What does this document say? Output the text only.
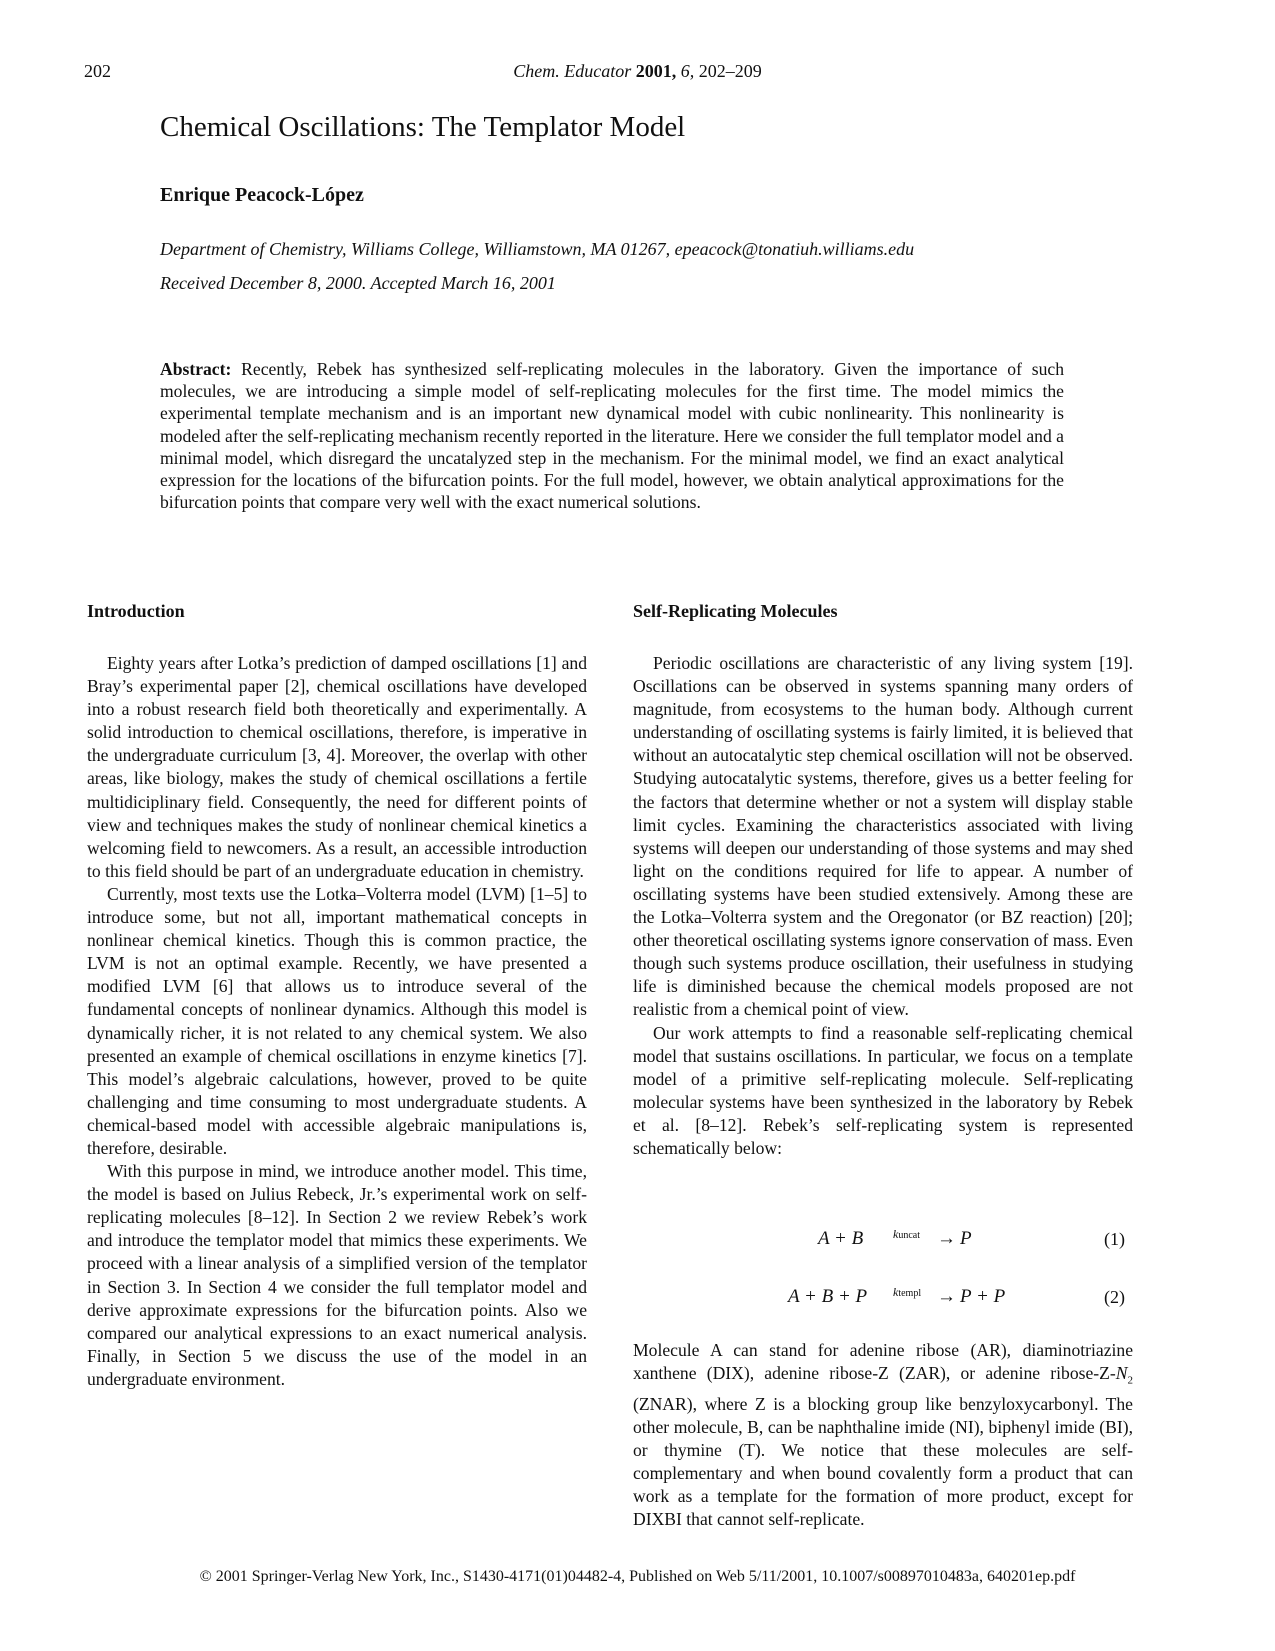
202	Chem. Educator 2001, 6, 202–209
Chemical Oscillations: The Templator Model
Enrique Peacock-López
Department of Chemistry, Williams College, Williamstown, MA 01267, epeacock@tonatiuh.williams.edu
Received December 8, 2000. Accepted March 16, 2001
Abstract: Recently, Rebek has synthesized self-replicating molecules in the laboratory. Given the importance of such molecules, we are introducing a simple model of self-replicating molecules for the first time. The model mimics the experimental template mechanism and is an important new dynamical model with cubic nonlinearity. This nonlinearity is modeled after the self-replicating mechanism recently reported in the literature. Here we consider the full templator model and a minimal model, which disregard the uncatalyzed step in the mechanism. For the minimal model, we find an exact analytical expression for the locations of the bifurcation points. For the full model, however, we obtain analytical approximations for the bifurcation points that compare very well with the exact numerical solutions.
Introduction

Eighty years after Lotka’s prediction of damped oscillations [1] and Bray’s experimental paper [2], chemical oscillations have developed into a robust research field both theoretically and experimentally. A solid introduction to chemical oscillations, therefore, is imperative in the undergraduate curriculum [3, 4]. Moreover, the overlap with other areas, like biology, makes the study of chemical oscillations a fertile multidiciplinary field. Consequently, the need for different points of view and techniques makes the study of nonlinear chemical kinetics a welcoming field to newcomers. As a result, an accessible introduction to this field should be part of an undergraduate education in chemistry.

Currently, most texts use the Lotka–Volterra model (LVM) [1–5] to introduce some, but not all, important mathematical concepts in nonlinear chemical kinetics. Though this is common practice, the LVM is not an optimal example. Recently, we have presented a modified LVM [6] that allows us to introduce several of the fundamental concepts of nonlinear dynamics. Although this model is dynamically richer, it is not related to any chemical system. We also presented an example of chemical oscillations in enzyme kinetics [7]. This model’s algebraic calculations, however, proved to be quite challenging and time consuming to most undergraduate students. A chemical-based model with accessible algebraic manipulations is, therefore, desirable.

With this purpose in mind, we introduce another model. This time, the model is based on Julius Rebeck, Jr.’s experimental work on self-replicating molecules [8–12]. In Section 2 we review Rebek’s work and introduce the templator model that mimics these experiments. We proceed with a linear analysis of a simplified version of the templator in Section 3. In Section 4 we consider the full templator model and derive approximate expressions for the bifurcation points. Also we compared our analytical expressions to an exact numerical analysis. Finally, in Section 5 we discuss the use of the model in an undergraduate environment.

Self-Replicating Molecules

Periodic oscillations are characteristic of any living system [19]. Oscillations can be observed in systems spanning many orders of magnitude, from ecosystems to the human body. Although current understanding of oscillating systems is fairly limited, it is believed that without an autocatalytic step chemical oscillation will not be observed. Studying autocatalytic systems, therefore, gives us a better feeling for the factors that determine whether or not a system will display stable limit cycles. Examining the characteristics associated with living systems will deepen our understanding of those systems and may shed light on the conditions required for life to appear. A number of oscillating systems have been studied extensively. Among these are the Lotka–Volterra system and the Oregonator (or BZ reaction) [20]; other theoretical oscillating systems ignore conservation of mass. Even though such systems produce oscillation, their usefulness in studying life is diminished because the chemical models proposed are not realistic from a chemical point of view.

Our work attempts to find a reasonable self-replicating chemical model that sustains oscillations. In particular, we focus on a template model of a primitive self-replicating molecule. Self-replicating molecular systems have been synthesized in the laboratory by Rebek et al. [8–12]. Rebek’s self-replicating system is represented schematically below:

A + B kuncat → P	(1)
A + B + P ktempl → P + P	(2)

Molecule A can stand for adenine ribose (AR), diaminotriazine xanthene (DIX), adenine ribose-Z (ZAR), or adenine ribose-$Z-N_2$ (ZNAR), where Z is a blocking group like benzyloxycarbonyl. The other molecule, B, can be naphthaline imide (NI), biphenyl imide (BI), or thymine (T). We notice that these molecules are self-complementary and when bound covalently form a product that can work as a template for the formation of more product, except for DIXBI that cannot self-replicate.

© 2001 Springer-Verlag New York, Inc., S1430-4171(01)04482-4, Published on Web 5/11/2001, 10.1007/s00897010483a, 640201ep.pdf
